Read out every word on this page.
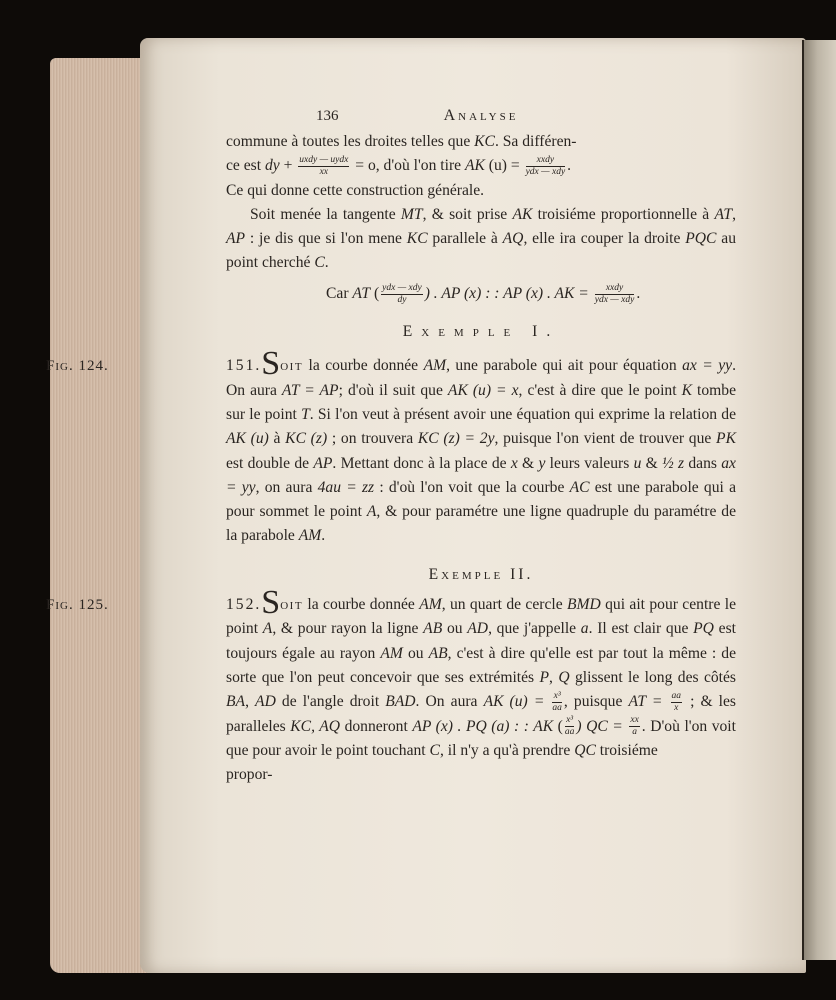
136	Analyse

commune à toutes les droites telles que KC. Sa différen-
ce est dy + $\frac{\text{uxdy — uydx}}{xx} = o$, d'où l'on tire AK $(u) = \frac{\text{xxdy}}{\text{ydx — xdy}}$ .
Ce qui donne cette construction générale.

Soit menée la tangente MT, & soit prise AK troisiéme proportionnelle à AT, AP : je dis que si l'on mene KC parallele à AQ, elle ira couper la droite PQC au point cherché C.

Car AT ( $\frac{\text{ydx — xdy}}{dy}$ ) . AP (x) : : AP (x) . AK = $\frac{\text{xxdy}}{\text{ydx — xdy}}$ .

Exemple I.
Fig. 124.	151.Soit la courbe donnée AM, une parabole qui ait pour équation ax = yy. On aura AT = AP; d'où il suit que AK (u) = x, c'est à dire que le point K tombe sur le point T. Si l'on veut à présent avoir une équation qui exprime la relation de AK (u) à KC (z) ; on trouvera KC (z) = 2y, puisque l'on vient de trouver que PK est double de AP. Mettant donc à la place de x & y leurs valeurs u & ½ z dans ax = yy, on aura 4au = zz : d'où l'on voit que la courbe AC est une parabole qui a pour sommet le point A, & pour paramétre une ligne quadruple du paramétre de la parabole AM.

Exemple II.
Fig. 125.	152.Soit la courbe donnée AM, un quart de cercle BMD qui ait pour centre le point A, & pour rayon la ligne AB ou AD, que j'appelle a. Il est clair que PQ est toujours égale au rayon AM ou AB, c'est à dire qu'elle est par tout la même : de sorte que l'on peut concevoir que ses extrémités P, Q glissent le long des côtés BA, AD de l'angle droit BAD. On aura AK $(u) = \frac{\text{x³}}{aa}$ , puisque AT = $\frac{aa}{x}$ ; & les paralleles KC, AQ donneront AP (x) . PQ (a) : : AK ( $\frac{\text{x³}}{aa}$ ) QC = $\frac{xx}{a}$ . D'où l'on voit que pour avoir le point touchant C, il n'y a qu'à prendre QC troisiéme

propor-
